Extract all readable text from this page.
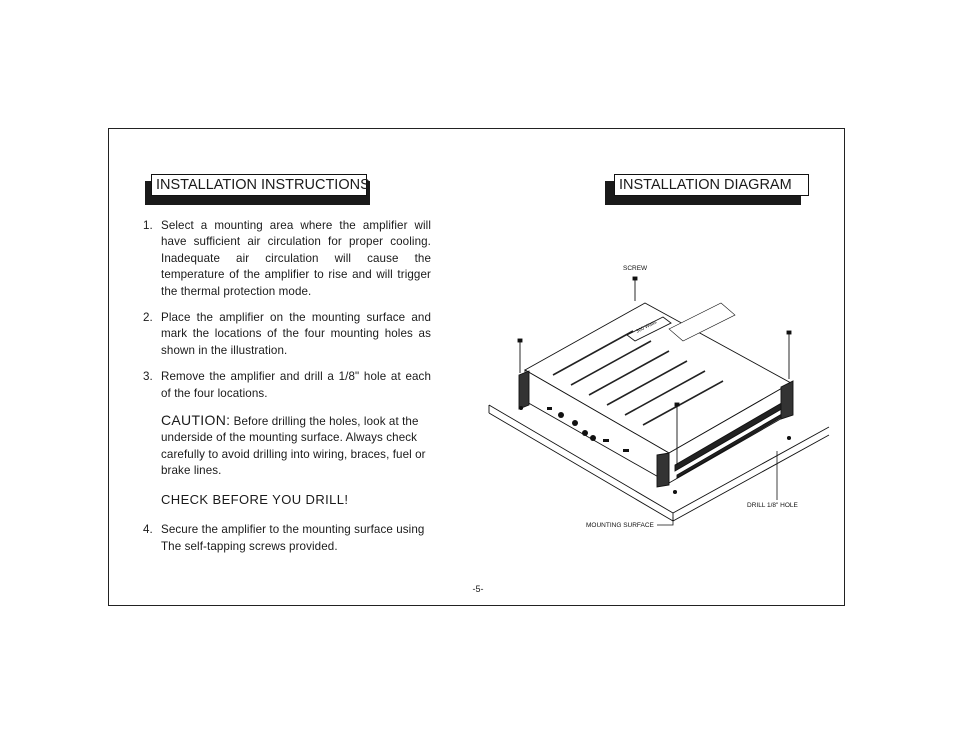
INSTALLATION INSTRUCTIONS	INSTALLATION DIAGRAM

1. Select a mounting area where the amplifier will have sufficient air circulation for proper cooling. Inadequate air circulation will cause the temperature of the amplifier to rise and will trigger the thermal protection mode.

2. Place the amplifier on the mounting surface and mark the locations of the four mounting holes as shown in the illustration.

3. Remove the amplifier and drill a 1/8" hole at each of the four locations.

CAUTION: Before drilling the holes, look at the underside of the mounting surface. Always check carefully to avoid drilling into wiring, braces, fuel or brake lines.
CHECK BEFORE YOU DRILL!

4. Secure the amplifier to the mounting surface using The self-tapping screws provided.

300 Watts
SCREW
DRILL 1/8" HOLE
MOUNTING SURFACE
-5-
